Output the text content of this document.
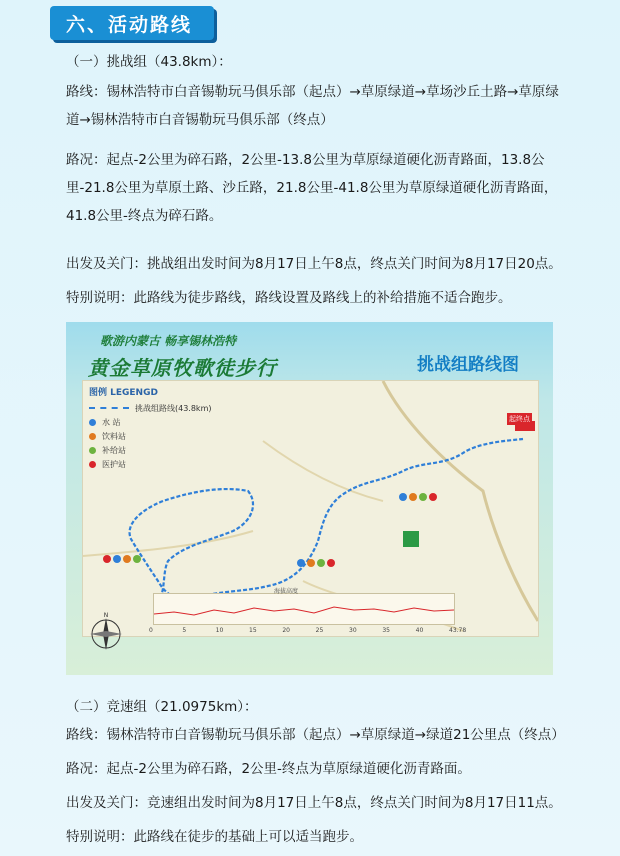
六、活动路线
（一）挑战组（43.8km）：
路线：锡林浩特市白音锡勒玩马俱乐部（起点）→草原绿道→草场沙丘土路→草原绿道→锡林浩特市白音锡勒玩马俱乐部（终点）
路况：起点-2公里为碎石路，2公里-13.8公里为草原绿道硬化沥青路面，13.8公里-21.8公里为草原土路、沙丘路，21.8公里-41.8公里为草原绿道硬化沥青路面，41.8公里-终点为碎石路。
出发及关门：挑战组出发时间为8月17日上午8点，终点关门时间为8月17日20点。
特别说明：此路线为徒步路线，路线设置及路线上的补给措施不适合跑步。
歌游内蒙古 畅享锡林浩特
黄金草原牧歌徒步行	挑战组路线图
图例 LEGENGD
挑战组路线(43.8km)
水 站
饮料站
补给站
医护站
起终点
海拔高度
0	5	10	15	20	25	30	35	40	43.78
N
（二）竞速组（21.0975km）：
路线：锡林浩特市白音锡勒玩马俱乐部（起点）→草原绿道→绿道21公里点（终点）
路况：起点-2公里为碎石路，2公里-终点为草原绿道硬化沥青路面。
出发及关门：竞速组出发时间为8月17日上午8点，终点关门时间为8月17日11点。
特别说明：此路线在徒步的基础上可以适当跑步。
